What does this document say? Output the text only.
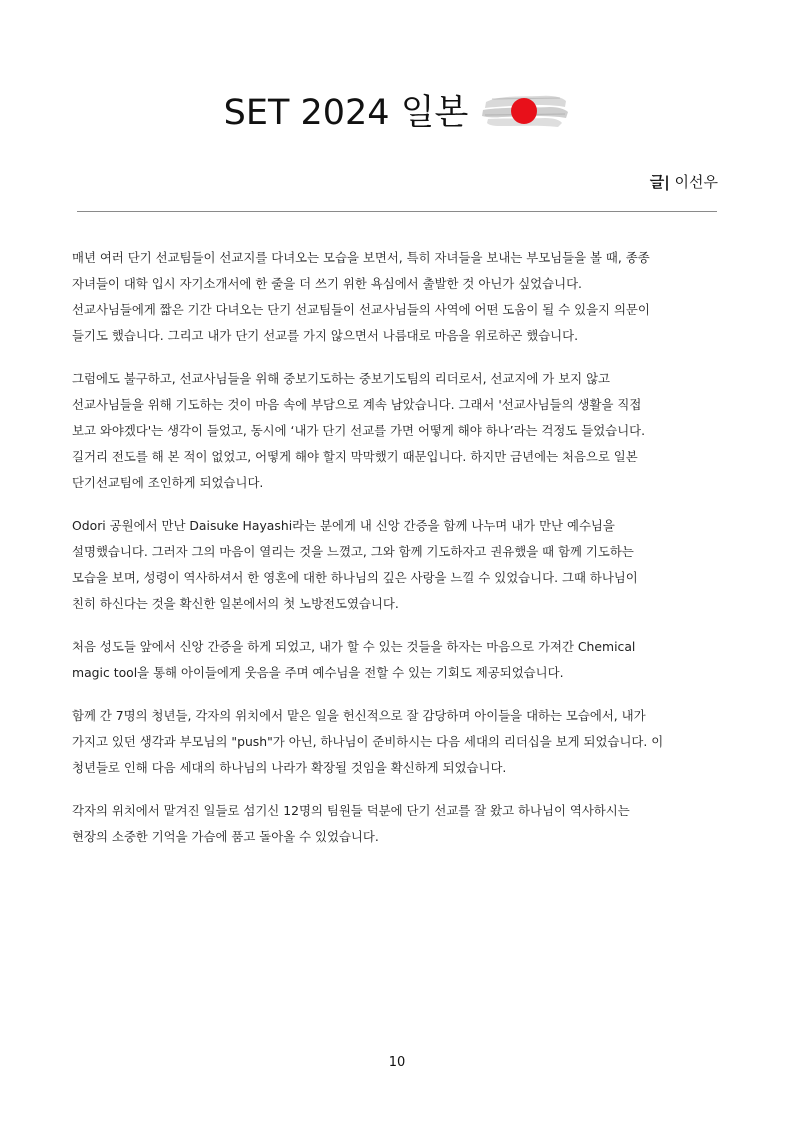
SET 2024 일본
글| 이선우

매년 여러 단기 선교팀들이 선교지를 다녀오는 모습을 보면서, 특히 자녀들을 보내는 부모님들을 볼 때, 종종
자녀들이 대학 입시 자기소개서에 한 줄을 더 쓰기 위한 욕심에서 출발한 것 아닌가 싶었습니다.
선교사님들에게 짧은 기간 다녀오는 단기 선교팀들이 선교사님들의 사역에 어떤 도움이 될 수 있을지 의문이
들기도 했습니다. 그리고 내가 단기 선교를 가지 않으면서 나름대로 마음을 위로하곤 했습니다.

그럼에도 불구하고, 선교사님들을 위해 중보기도하는 중보기도팀의 리더로서, 선교지에 가 보지 않고
선교사님들을 위해 기도하는 것이 마음 속에 부담으로 계속 남았습니다. 그래서 '선교사님들의 생활을 직접
보고 와야겠다'는 생각이 들었고, 동시에 ‘내가 단기 선교를 가면 어떻게 해야 하나’라는 걱정도 들었습니다.
길거리 전도를 해 본 적이 없었고, 어떻게 해야 할지 막막했기 때문입니다. 하지만 금년에는 처음으로 일본
단기선교팀에 조인하게 되었습니다.

Odori 공원에서 만난 Daisuke Hayashi라는 분에게 내 신앙 간증을 함께 나누며 내가 만난 예수님을
설명했습니다. 그러자 그의 마음이 열리는 것을 느꼈고, 그와 함께 기도하자고 권유했을 때 함께 기도하는
모습을 보며, 성령이 역사하셔서 한 영혼에 대한 하나님의 깊은 사랑을 느낄 수 있었습니다. 그때 하나님이
친히 하신다는 것을 확신한 일본에서의 첫 노방전도였습니다.

처음 성도들 앞에서 신앙 간증을 하게 되었고, 내가 할 수 있는 것들을 하자는 마음으로 가져간 Chemical
magic tool을 통해 아이들에게 웃음을 주며 예수님을 전할 수 있는 기회도 제공되었습니다.

함께 간 7명의 청년들, 각자의 위치에서 맡은 일을 헌신적으로 잘 감당하며 아이들을 대하는 모습에서, 내가
가지고 있던 생각과 부모님의 "push"가 아닌, 하나님이 준비하시는 다음 세대의 리더십을 보게 되었습니다. 이
청년들로 인해 다음 세대의 하나님의 나라가 확장될 것임을 확신하게 되었습니다.

각자의 위치에서 맡겨진 일들로 섬기신 12명의 팀원들 덕분에 단기 선교를 잘 왔고 하나님이 역사하시는
현장의 소중한 기억을 가슴에 품고 돌아올 수 있었습니다.

10
